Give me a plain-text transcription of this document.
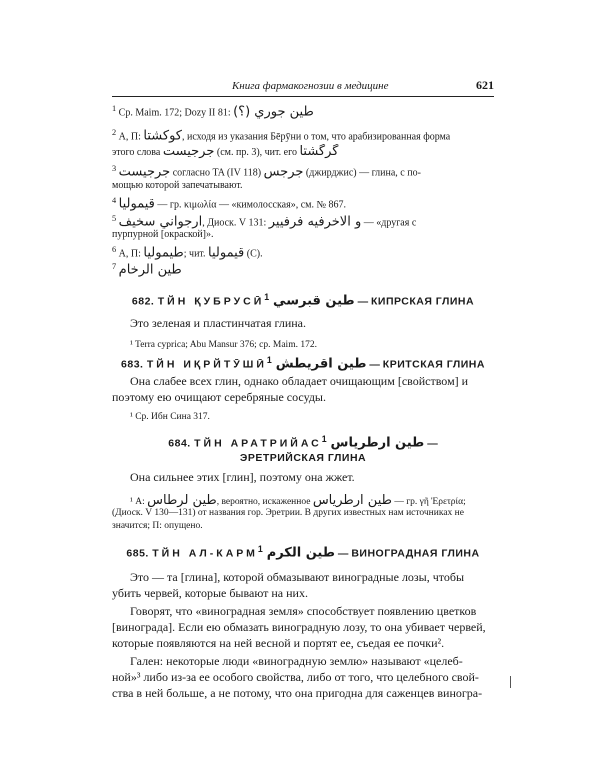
Книга фармакогнозии в медицине	621
$^1$ Ср. Maim. 172; Dozy II 81: طين جوري (؟)
$^2$ А, П: كوكشتا, исходя из указания Бēрӯни о том, что арабизированная форма
этого слова جرجيست (см. пр. 3), чит. его گرگشتا
$^3$ جرجيست согласно TA (IV 118) جرجس (джирджис) — глина, с по-
мощью которой запечатывают.
$^4$ قيموليا — гр. κιμωλία — «кимолосская», см. № 867.
$^5$ ارجواني سخيف, Диоск. V 131: و الاخرفيه فرفيير — «другая с
пурпурной [окраской]».
$^6$ А, П: طيموليا; чит. قيموليا (С).
$^7$ طين الرخام
682. ТЙН ҚУБРУСӢ$^1$ طين قبرسي — КИПРСКАЯ ГЛИНА
Это зеленая и пластинчатая глина.
¹ Terra cyprica; Abu Mansur 376; ср. Maim. 172.
683. ТЙН ИҚРЙТӮШӢ$^1$ طين اقريطش — КРИТСКАЯ ГЛИНА
Она слабее всех глин, однако обладает очищающим [свойством] и
поэтому ею очищают серебряные сосуды.
¹ Ср. Ибн Сина 317.
684. ТЙН АРАТРИЙАС$^1$ طين ارطرياس —
ЭРЕТРИЙСКАЯ ГЛИНА
Она сильнее этих [глин], поэтому она жжет.
¹ А: طين لرطاس, вероятно, искаженное طين ارطرياس — гр. γῆ Ἐρετρία;
(Диоск. V 130—131) от названия гор. Эретрии. В других известных нам источниках не
значится; П: опущено.
685. ТЙН АЛ-КАРМ$^1$ طين الكرم — ВИНОГРАДНАЯ ГЛИНА
Это — та [глина], которой обмазывают виноградные лозы, чтобы
убить червей, которые бывают на них.
Говорят, что «виноградная земля» способствует появлению цветков
[винограда]. Если ею обмазать виноградную лозу, то она убивает червей,
которые появляются на ней весной и портят ее, съедая ее почки².
Гален: некоторые люди «виноградную землю» называют «целеб-
ной»³ либо из-за ее особого свойства, либо от того, что целебного свой-
ства в ней больше, а не потому, что она пригодна для саженцев виногра-
